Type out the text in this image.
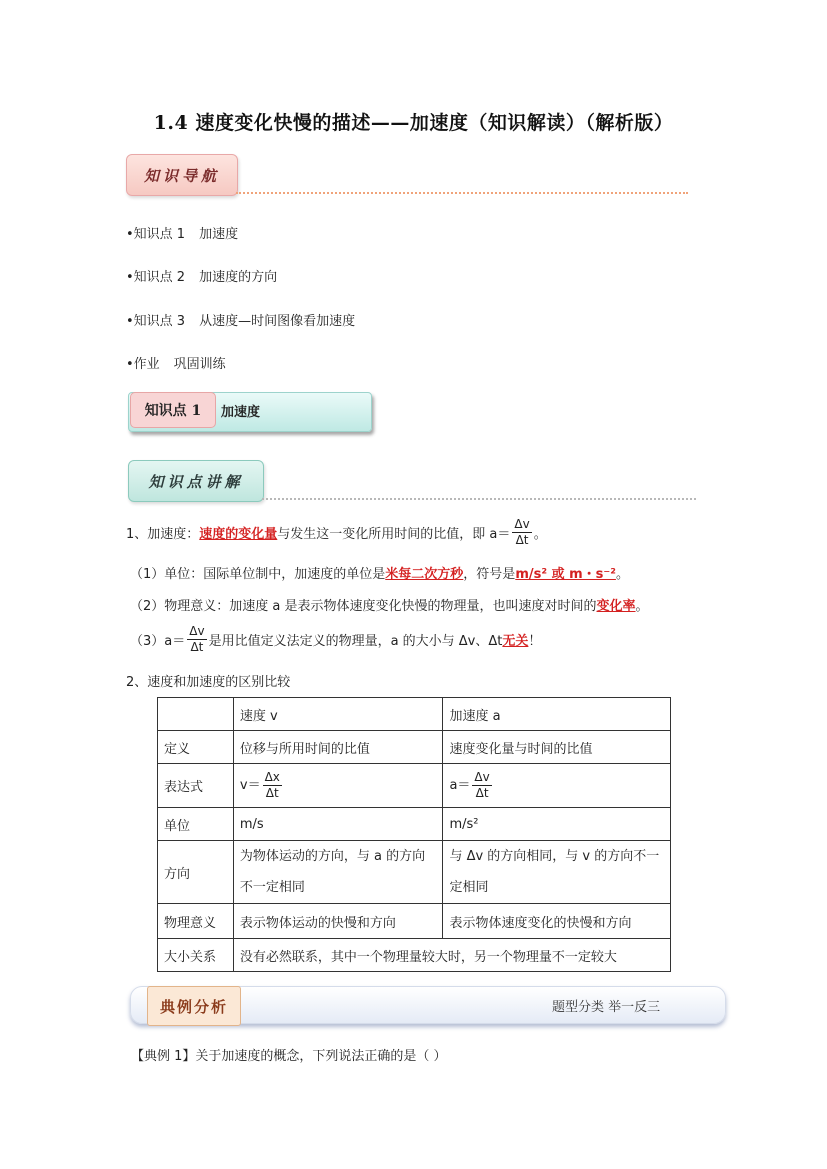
1.4 速度变化快慢的描述——加速度（知识解读）（解析版）
知识导航
•知识点 1 加速度
•知识点 2 加速度的方向
•知识点 3 从速度—时间图像看加速度
•作业 巩固训练
知识点 1	加速度
知识点讲解
1、加速度： 速度的变化量 与发生这一变化所用时间的比值，即 $a= \frac{\Delta v}{\Delta t}$ 。
（1）单位：国际单位制中，加速度的单位是 米每二次方秒 ，符号是 m/s² 或 m・s⁻² 。
（2）物理意义：加速度 a 是表示物体速度变化快慢的物理量，也叫速度对时间的 变化率 。
$(3)a= \frac{\Delta v}{\Delta t}$ 是用比值定义法定义的物理量，a 的大小与 Δv、Δt 无关 ！
2、速度和加速度的区别比较
	速度 v	加速度 a
定义	位移与所用时间的比值	速度变化量与时间的比值
表达式	$v= \frac{\Delta x}{\Delta t}$	$a= \frac{\Delta v}{\Delta t}$

单位	m/s	m/s²
方向	为物体运动的方向，与 a 的方向不一定相同	与 Δv 的方向相同，与 v 的方向不一定相同
物理意义	表示物体运动的快慢和方向	表示物体速度变化的快慢和方向
大小关系	没有必然联系，其中一个物理量较大时，另一个物理量不一定较大	
典例分析	题型分类 举一反三
【典例 1】关于加速度的概念，下列说法正确的是（ ）
